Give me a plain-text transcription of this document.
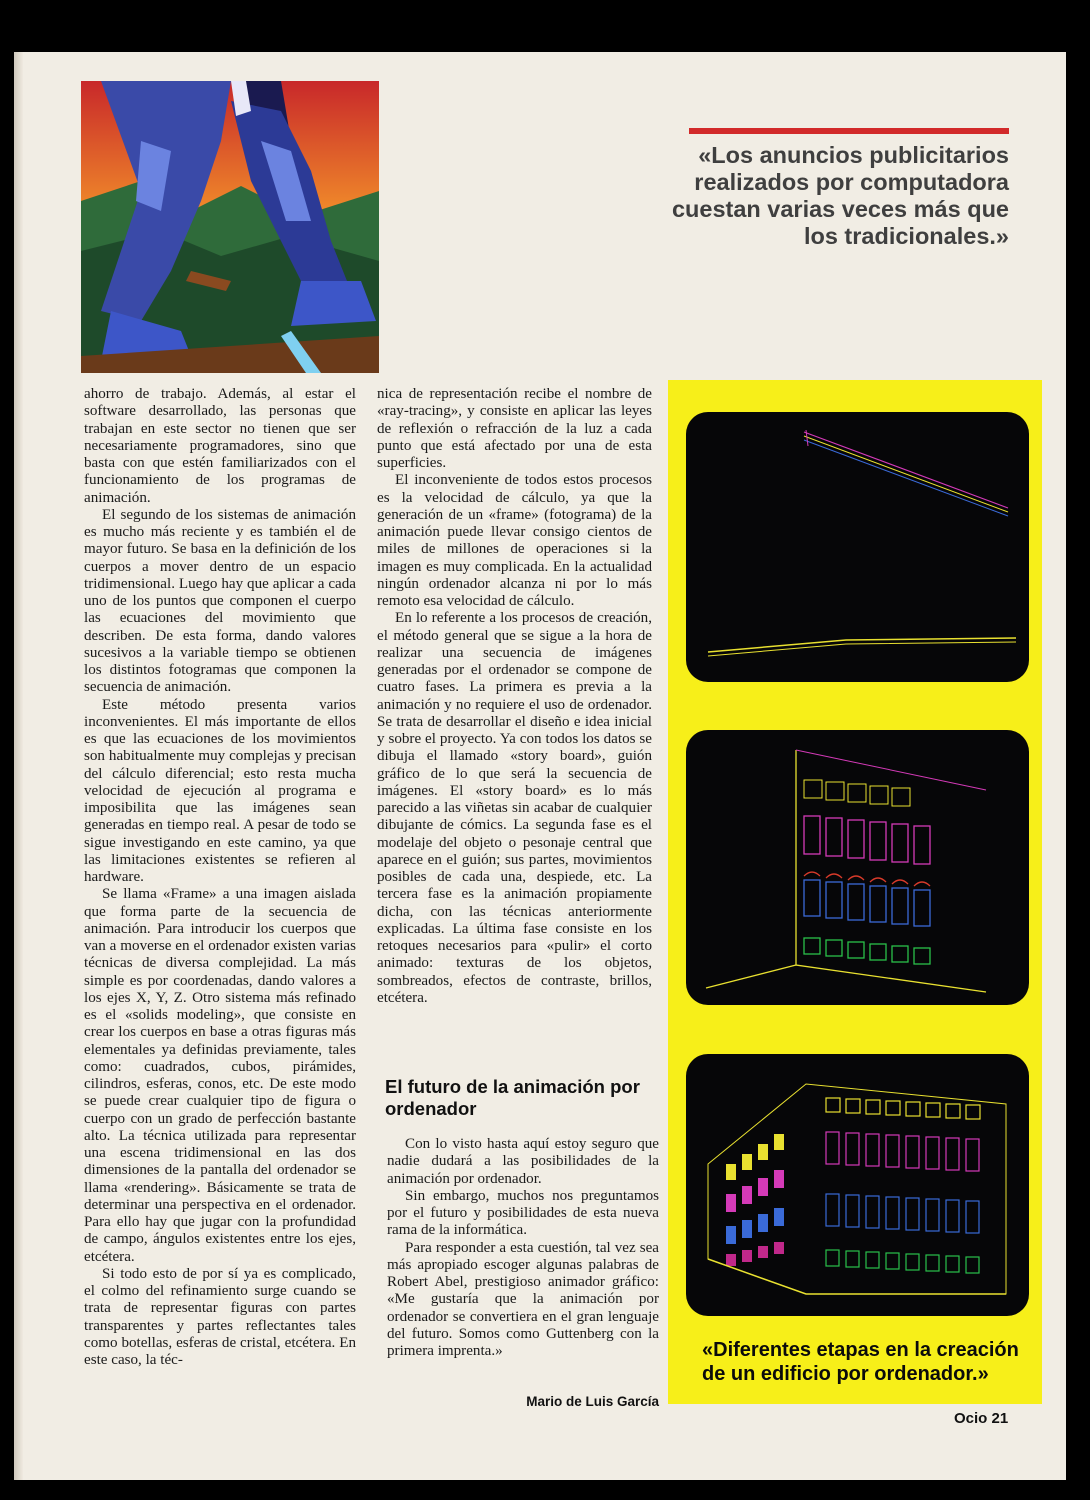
«Los anuncios publicitarios realizados por computadora cuestan varias veces más que los tradicionales.»

ahorro de trabajo. Además, al estar el software desarrollado, las personas que trabajan en este sector no tienen que ser necesariamente programadores, sino que basta con que estén familiarizados con el funcionamiento de los programas de animación.

El segundo de los sistemas de animación es mucho más reciente y es también el de mayor futuro. Se basa en la definición de los cuerpos a mover dentro de un espacio tridimensional. Luego hay que aplicar a cada uno de los puntos que componen el cuerpo las ecuaciones del movimiento que describen. De esta forma, dando valores sucesivos a la variable tiempo se obtienen los distintos fotogramas que componen la secuencia de animación.

Este método presenta varios inconvenientes. El más importante de ellos es que las ecuaciones de los movimientos son habitualmente muy complejas y precisan del cálculo diferencial; esto resta mucha velocidad de ejecución al programa e imposibilita que las imágenes sean generadas en tiempo real. A pesar de todo se sigue investigando en este camino, ya que las limitaciones existentes se refieren al hardware.

Se llama «Frame» a una imagen aislada que forma parte de la secuencia de animación. Para introducir los cuerpos que van a moverse en el ordenador existen varias técnicas de diversa complejidad. La más simple es por coordenadas, dando valores a los ejes X, Y, Z. Otro sistema más refinado es el «solids modeling», que consiste en crear los cuerpos en base a otras figuras más elementales ya definidas previamente, tales como: cuadrados, cubos, pirámides, cilindros, esferas, conos, etc. De este modo se puede crear cualquier tipo de figura o cuerpo con un grado de perfección bastante alto. La técnica utilizada para representar una escena tridimensional en las dos dimensiones de la pantalla del ordenador se llama «rendering». Básicamente se trata de determinar una perspectiva en el ordenador. Para ello hay que jugar con la profundidad de campo, ángulos existentes entre los ejes, etcétera.

Si todo esto de por sí ya es complicado, el colmo del refinamiento surge cuando se trata de representar figuras con partes transparentes y partes reflectantes tales como botellas, esferas de cristal, etcétera. En este caso, la téc-

nica de representación recibe el nombre de «ray-tracing», y consiste en aplicar las leyes de reflexión o refracción de la luz a cada punto que está afectado por una de esta superficies.

El inconveniente de todos estos procesos es la velocidad de cálculo, ya que la generación de un «frame» (fotograma) de la animación puede llevar consigo cientos de miles de millones de operaciones si la imagen es muy complicada. En la actualidad ningún ordenador alcanza ni por lo más remoto esa velocidad de cálculo.

En lo referente a los procesos de creación, el método general que se sigue a la hora de realizar una secuencia de imágenes generadas por el ordenador se compone de cuatro fases. La primera es previa a la animación y no requiere el uso de ordenador. Se trata de desarrollar el diseño e idea inicial y sobre el proyecto. Ya con todos los datos se dibuja el llamado «story board», guión gráfico de lo que será la secuencia de imágenes. El «story board» es lo más parecido a las viñetas sin acabar de cualquier dibujante de cómics. La segunda fase es el modelaje del objeto o pesonaje central que aparece en el guión; sus partes, movimientos posibles de cada una, despiede, etc. La tercera fase es la animación propiamente dicha, con las técnicas anteriormente explicadas. La última fase consiste en los retoques necesarios para «pulir» el corto animado: texturas de los objetos, sombreados, efectos de contraste, brillos, etcétera.

El futuro de la animación por ordenador

Con lo visto hasta aquí estoy seguro que nadie dudará a las posibilidades de la animación por ordenador.

Sin embargo, muchos nos preguntamos por el futuro y posibilidades de esta nueva rama de la informática.

Para responder a esta cuestión, tal vez sea más apropiado escoger algunas palabras de Robert Abel, prestigioso animador gráfico: «Me gustaría que la animación por ordenador se convertiera en el gran lenguaje del futuro. Somos como Guttenberg con la primera imprenta.»

Mario de Luis García
«Diferentes etapas en la creación de un edificio por ordenador.»
Ocio 21
